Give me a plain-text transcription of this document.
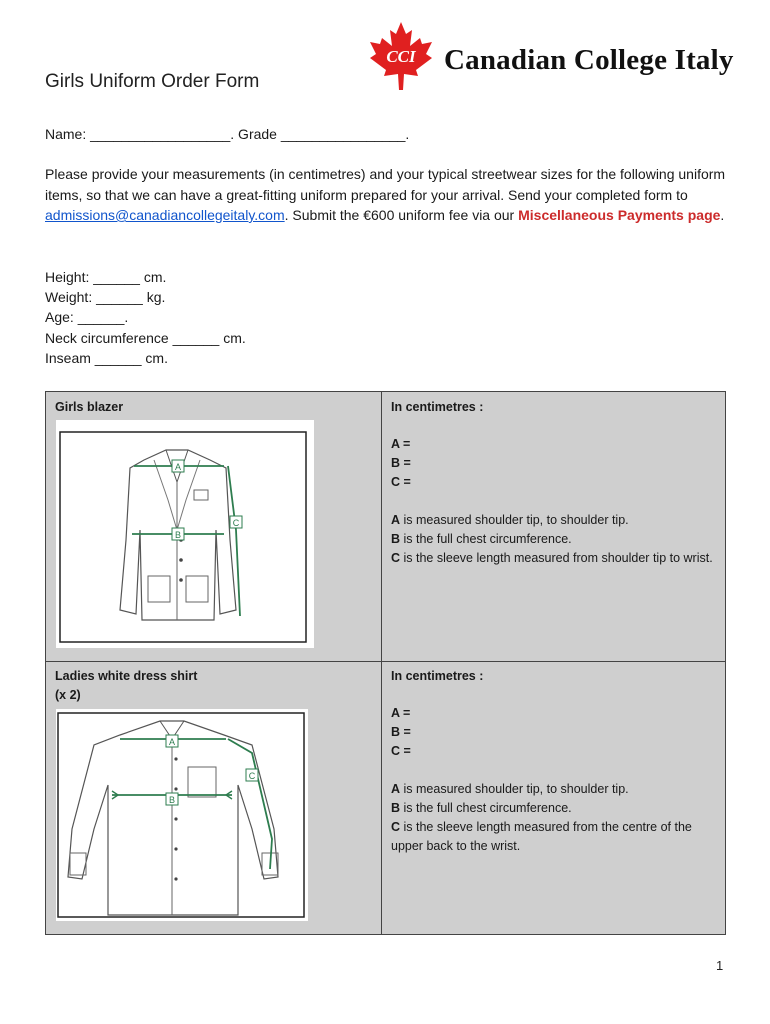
CCI Canadian College Italy
Girls Uniform Order Form
Name: __________________. Grade ________________.
Please provide your measurements (in centimetres) and your typical streetwear sizes for the following uniform items, so that we can have a great-fitting uniform prepared for your arrival. Send your completed form to admissions@canadiancollegeitaly.com. Submit the €600 uniform fee via our Miscellaneous Payments page.
Height: ______ cm.
Weight: ______ kg.
Age: ______.
Neck circumference ______ cm.
Inseam ______ cm.
Girls blazer
A
B
C
In centimetres :
A =
B =
C =
A is measured shoulder tip, to shoulder tip.
B is the full chest circumference.
C is the sleeve length measured from shoulder tip to wrist.
Ladies white dress shirt
(x 2)
A
B
C
In centimetres :
A =
B =
C =
A is measured shoulder tip, to shoulder tip.
B is the full chest circumference.
C is the sleeve length measured from the centre of the upper back to the wrist.
1
